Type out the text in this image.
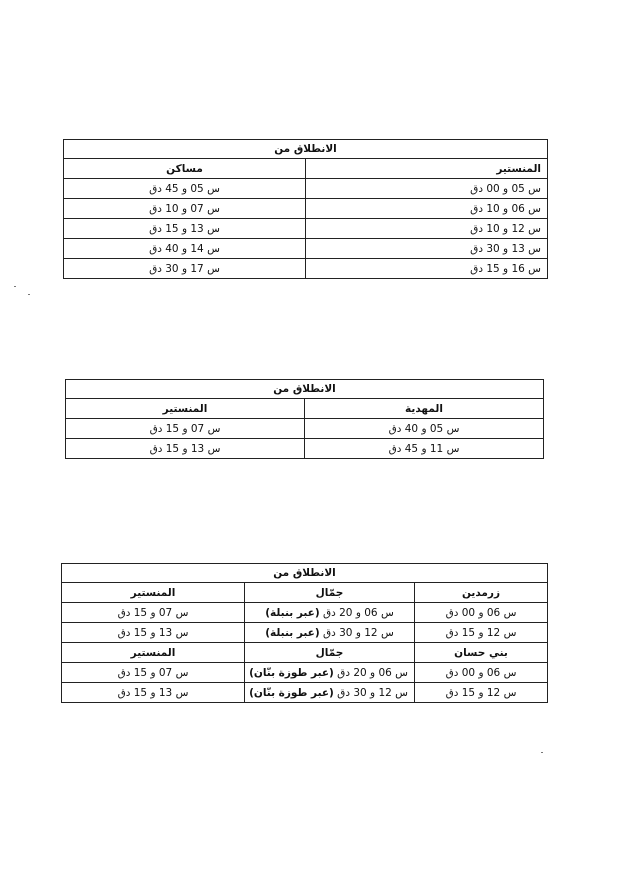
الانطلاق من	
المنستير	مساكن
س 05 و 00 دق	س 05 و 45 دق
س 06 و 10 دق	س 07 و 10 دق
س 12 و 10 دق	س 13 و 15 دق
س 13 و 30 دق	س 14 و 40 دق
س 16 و 15 دق	س 17 و 30 دق
الانطلاق من	
المهدية	المنستير
س 05 و 40 دق	س 07 و 15 دق
س 11 و 45 دق	س 13 و 15 دق
الانطلاق من		
زرمدين	جمّال	المنستير
س 06 و 00 دق	س 06 و 20 دق (عبر بنبلة)	س 07 و 15 دق
س 12 و 15 دق	س 12 و 30 دق (عبر بنبلة)	س 13 و 15 دق
بني حسان	جمّال	المنستير
س 06 و 00 دق	س 06 و 20 دق (عبر طوزة بنّان)	س 07 و 15 دق
س 12 و 15 دق	س 12 و 30 دق (عبر طوزة بنّان)	س 13 و 15 دق
